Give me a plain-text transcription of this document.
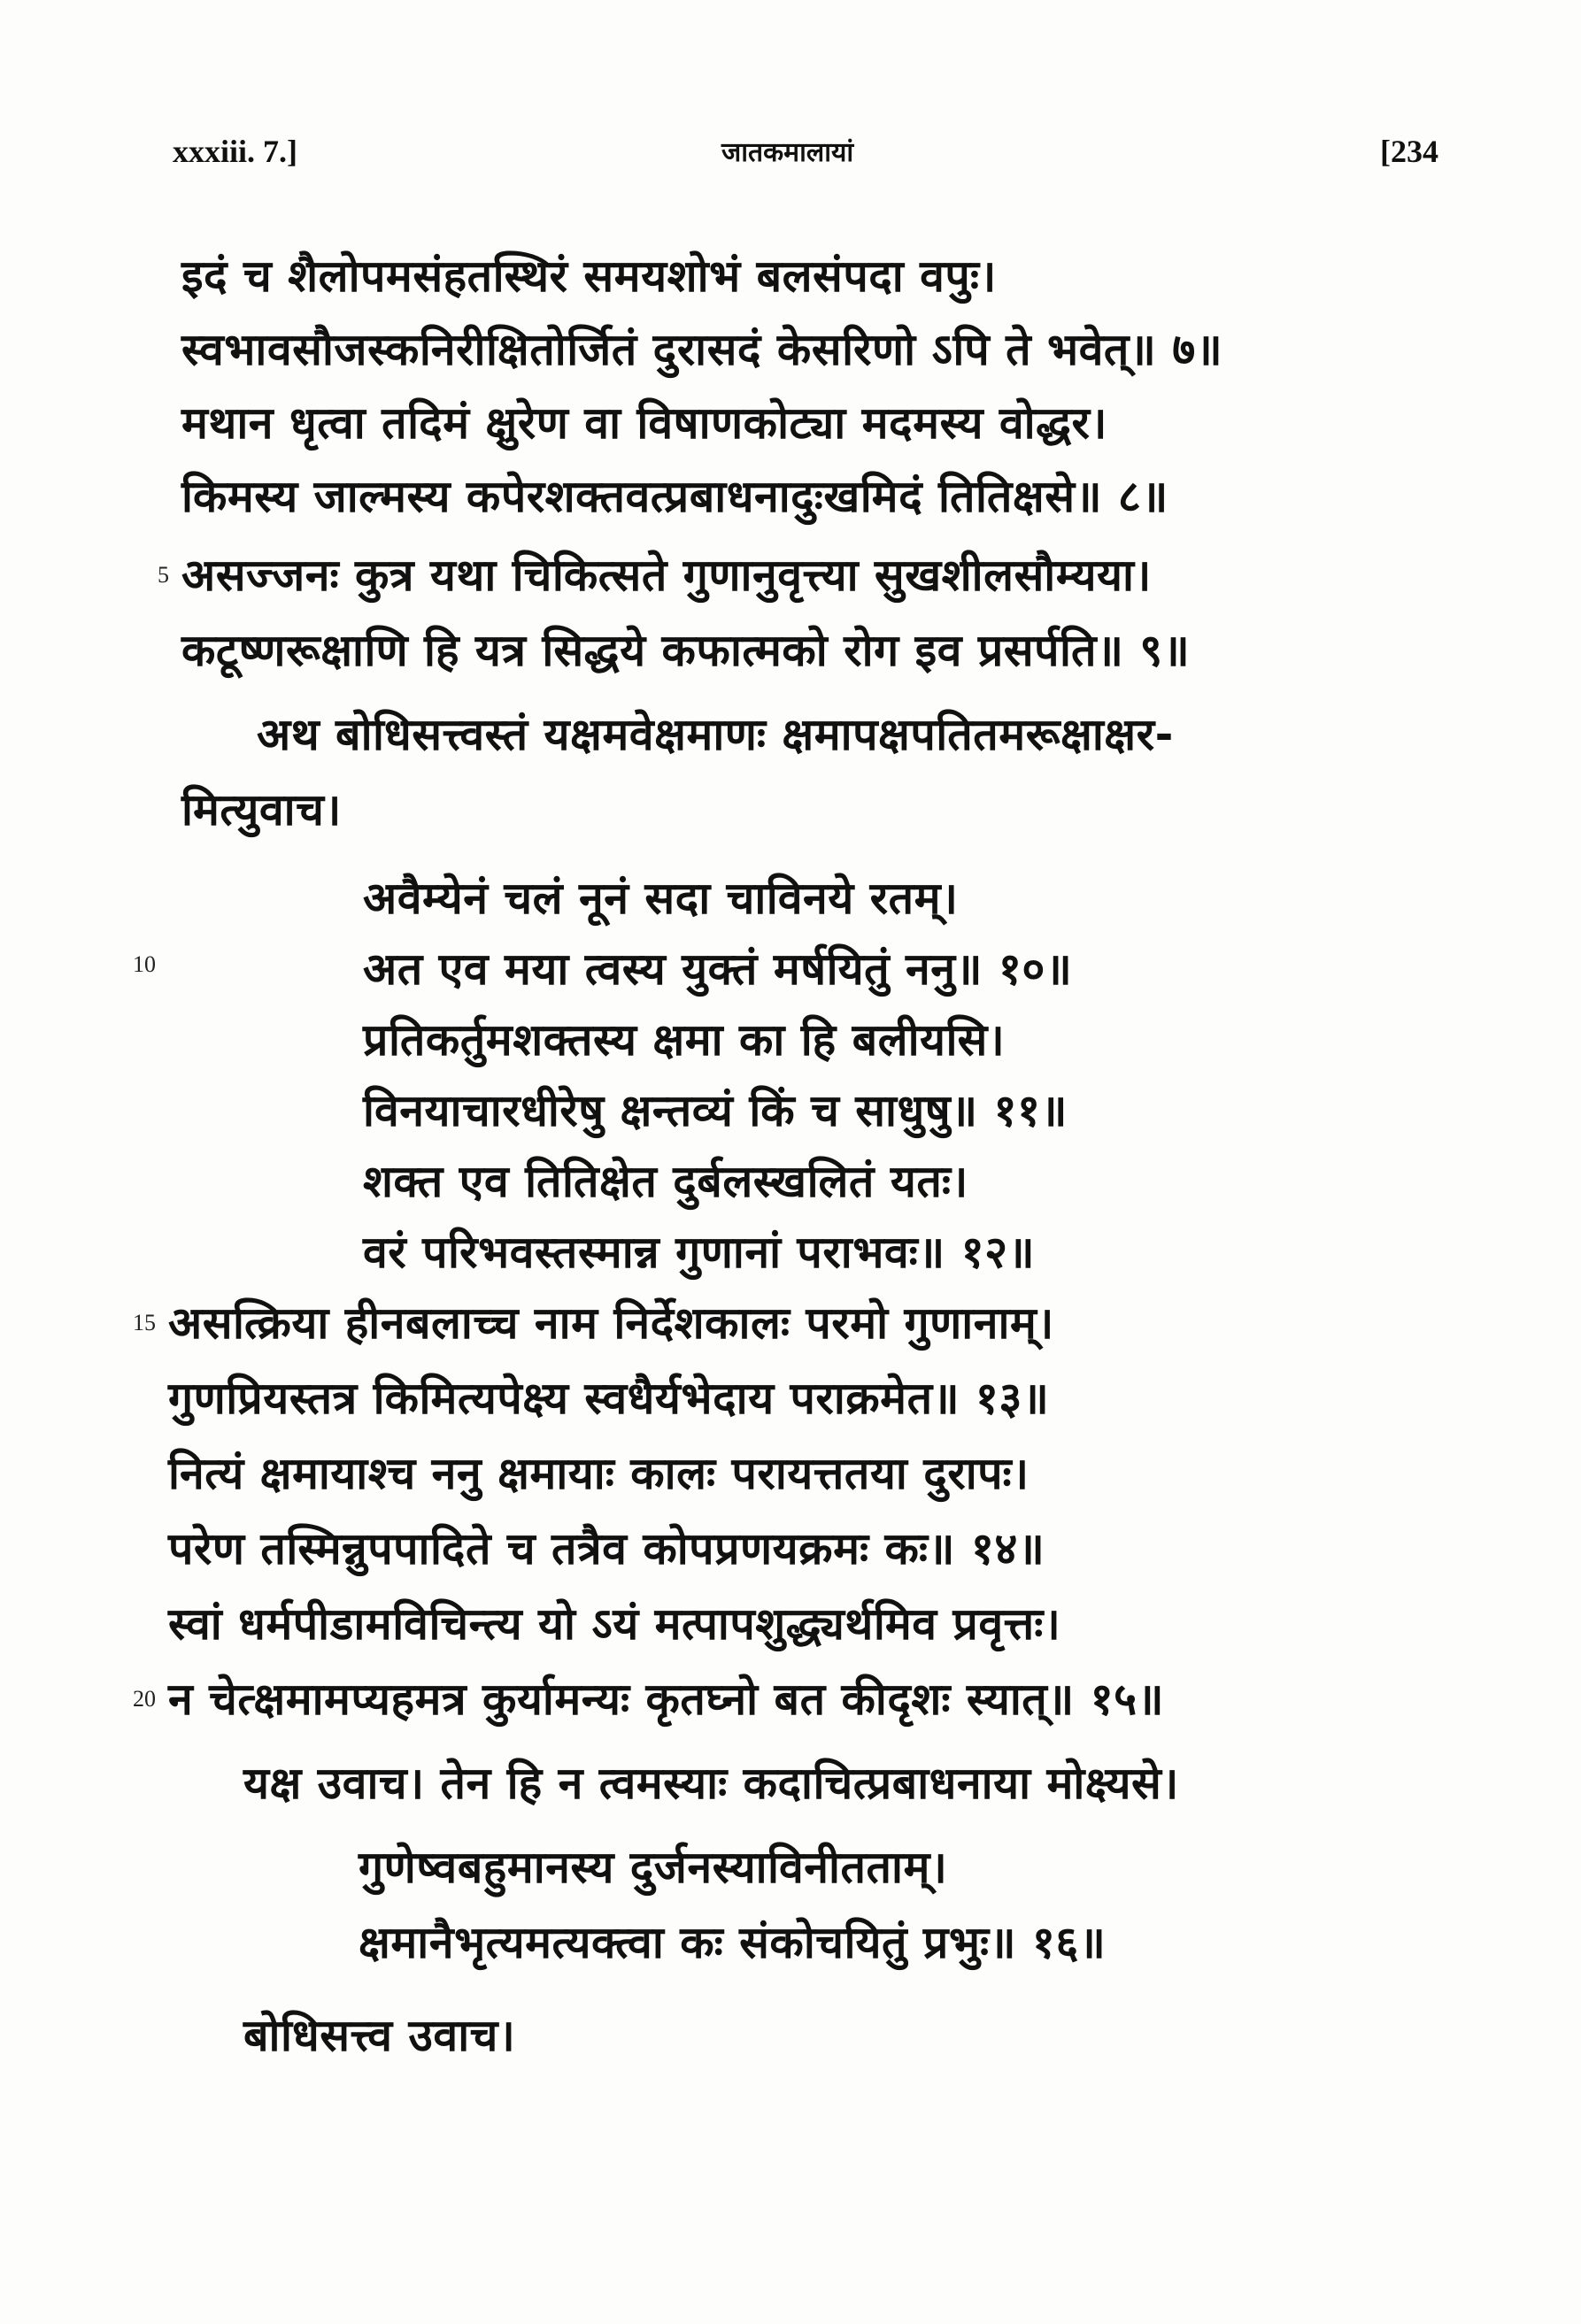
xxxiii. 7.]	जातकमालायां	[234
इदं च शैलोपमसंहतस्थिरं समयशोभं बलसंपदा वपुः।
स्वभावसौजस्कनिरीक्षितोर्जितं दुरासदं केसरिणो ऽपि ते भवेत्॥ ७॥
मथान धृत्वा तदिमं क्षुरेण वा विषाणकोट्या मदमस्य वोद्धर।
किमस्य जाल्मस्य कपेरशक्तवत्प्रबाधनादुःखमिदं तितिक्षसे॥ ८॥
5 असज्जनः कुत्र यथा चिकित्सते गुणानुवृत्त्या सुखशीलसौम्यया।
कटूष्णरूक्षाणि हि यत्र सिद्धये कफात्मको रोग इव प्रसर्पति॥ ९॥
अथ बोधिसत्त्वस्तं यक्षमवेक्षमाणः क्षमापक्षपतितमरूक्षाक्षर-
मित्युवाच।
अवैम्येनं चलं नूनं सदा चाविनये रतम्।
10	अत एव मया त्वस्य युक्तं मर्षयितुं ननु॥ १०॥
प्रतिकर्तुमशक्तस्य क्षमा का हि बलीयसि।
विनयाचारधीरेषु क्षन्तव्यं किं च साधुषु॥ ११॥
शक्त एव तितिक्षेत दुर्बलस्खलितं यतः।
वरं परिभवस्तस्मान्न गुणानां पराभवः॥ १२॥
15 असत्क्रिया हीनबलाच्च नाम निर्देशकालः परमो गुणानाम्।
गुणप्रियस्तत्र किमित्यपेक्ष्य स्वधैर्यभेदाय पराक्रमेत॥ १३॥
नित्यं क्षमायाश्च ननु क्षमायाः कालः परायत्ततया दुरापः।
परेण तस्मिन्नुपपादिते च तत्रैव कोपप्रणयक्रमः कः॥ १४॥
स्वां धर्मपीडामविचिन्त्य यो ऽयं मत्पापशुद्ध्यर्थमिव प्रवृत्तः।
20 न चेत्क्षमामप्यहमत्र कुर्यामन्यः कृतघ्नो बत कीदृशः स्यात्॥ १५॥
यक्ष उवाच। तेन हि न त्वमस्याः कदाचित्प्रबाधनाया मोक्ष्यसे।
गुणेष्वबहुमानस्य दुर्जनस्याविनीतताम्।
क्षमानैभृत्यमत्यक्त्वा कः संकोचयितुं प्रभुः॥ १६॥
बोधिसत्त्व उवाच।
